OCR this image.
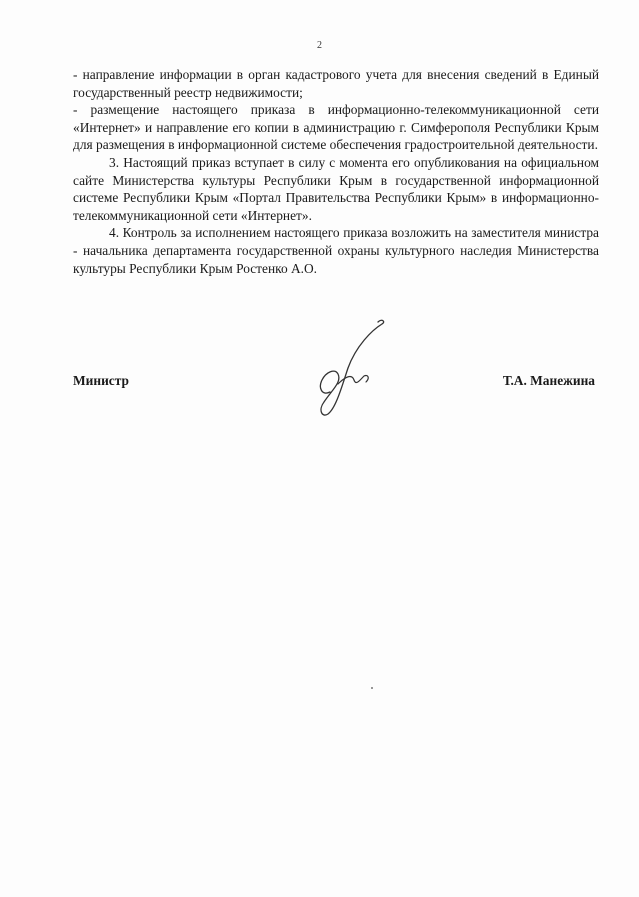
2

- направление информации в орган кадастрового учета для внесения сведений в Единый государственный реестр недвижимости;

- размещение настоящего приказа в информационно-телекоммуникационной сети «Интернет» и направление его копии в администрацию г. Симферополя Республики Крым для размещения в информационной системе обеспечения градостроительной деятельности.

3. Настоящий приказ вступает в силу с момента его опубликования на официальном сайте Министерства культуры Республики Крым в государственной информационной системе Республики Крым «Портал Правительства Республики Крым» в информационно-телекоммуникационной сети «Интернет».

4. Контроль за исполнением настоящего приказа возложить на заместителя министра - начальника департамента государственной охраны культурного наследия Министерства культуры Республики Крым Ростенко А.О.

Министр	Т.А. Манежина
